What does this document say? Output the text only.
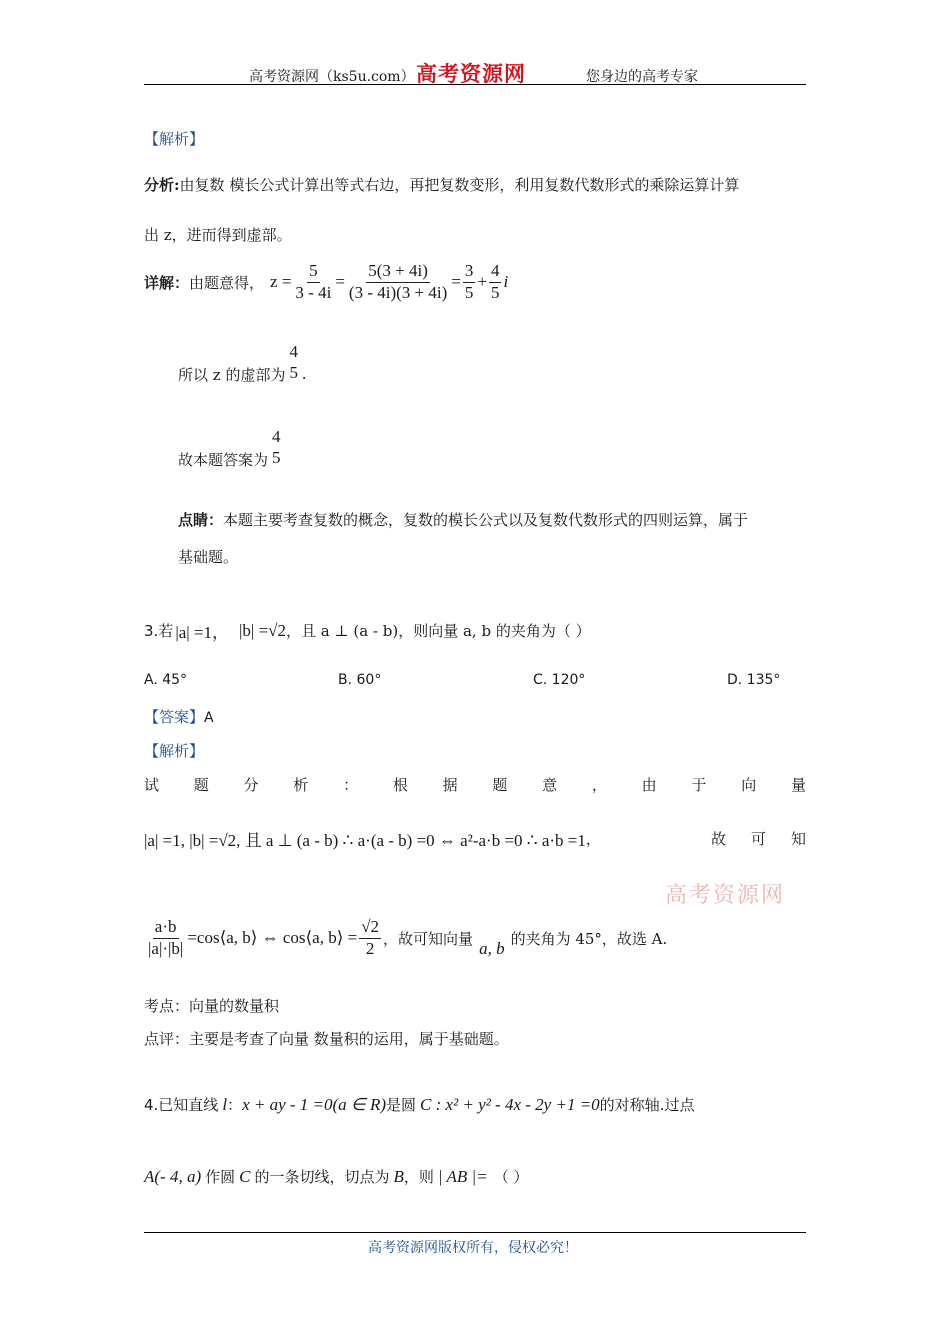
高考资源网（ks5u.com） 高考资源网	您身边的高考专家
【解析】
分析:由复数 模长公式计算出等式右边，再把复数变形，利用复数代数形式的乘除运算计算
出 z，进而得到虚部。
详解： 由题意得， $z = \frac{5}{3 - 4i} = \frac{5(3 + 4i)}{(3 - 4i)(3 + 4i)} = \frac{3}{5} + \frac{4}{5}$ i
所以 z 的虚部为
4
5 .
故本题答案为
4
5
点睛：本题主要考查复数的概念，复数的模长公式以及复数代数形式的四则运算，属于
基础题。
3.若 |a| =1， |b| =√2 ，且 a ⊥ (a - b)，则向量 a, b 的夹角为（ ）
A. 45°	B. 60°	C. 120°	D. 135°
【答案】A
【解析】
试 题 分 析 ： 根 据 题 意 ， 由 于 向 量
|a| =1, |b| =√2, 且 a ⊥ (a - b) ∴ a·(a - b) =0 ⇔ a²-a·b =0 ∴ a·b =1 ，	故 可 知
高考资源网
$\frac{a\cdot b}{|a|\cdot|b|}$ =cos⟨a, b⟩ ⇔ cos⟨a, b⟩ = $\frac{√2}{2}$ ，故可知向量
a, b
的夹角为 45°，故选 A.
考点：向量的数量积
点评：主要是考查了向量 数量积的运用，属于基础题。
4.已知直线 l ： x + ay - 1 =0(a ∈ R) 是圆 C : x² + y² - 4x - 2y +1 =0 的对称轴.过点
A(- 4, a) 作圆 C 的一条切线，切点为 B ，则 | AB |= （ ）
高考资源网版权所有，侵权必究！
